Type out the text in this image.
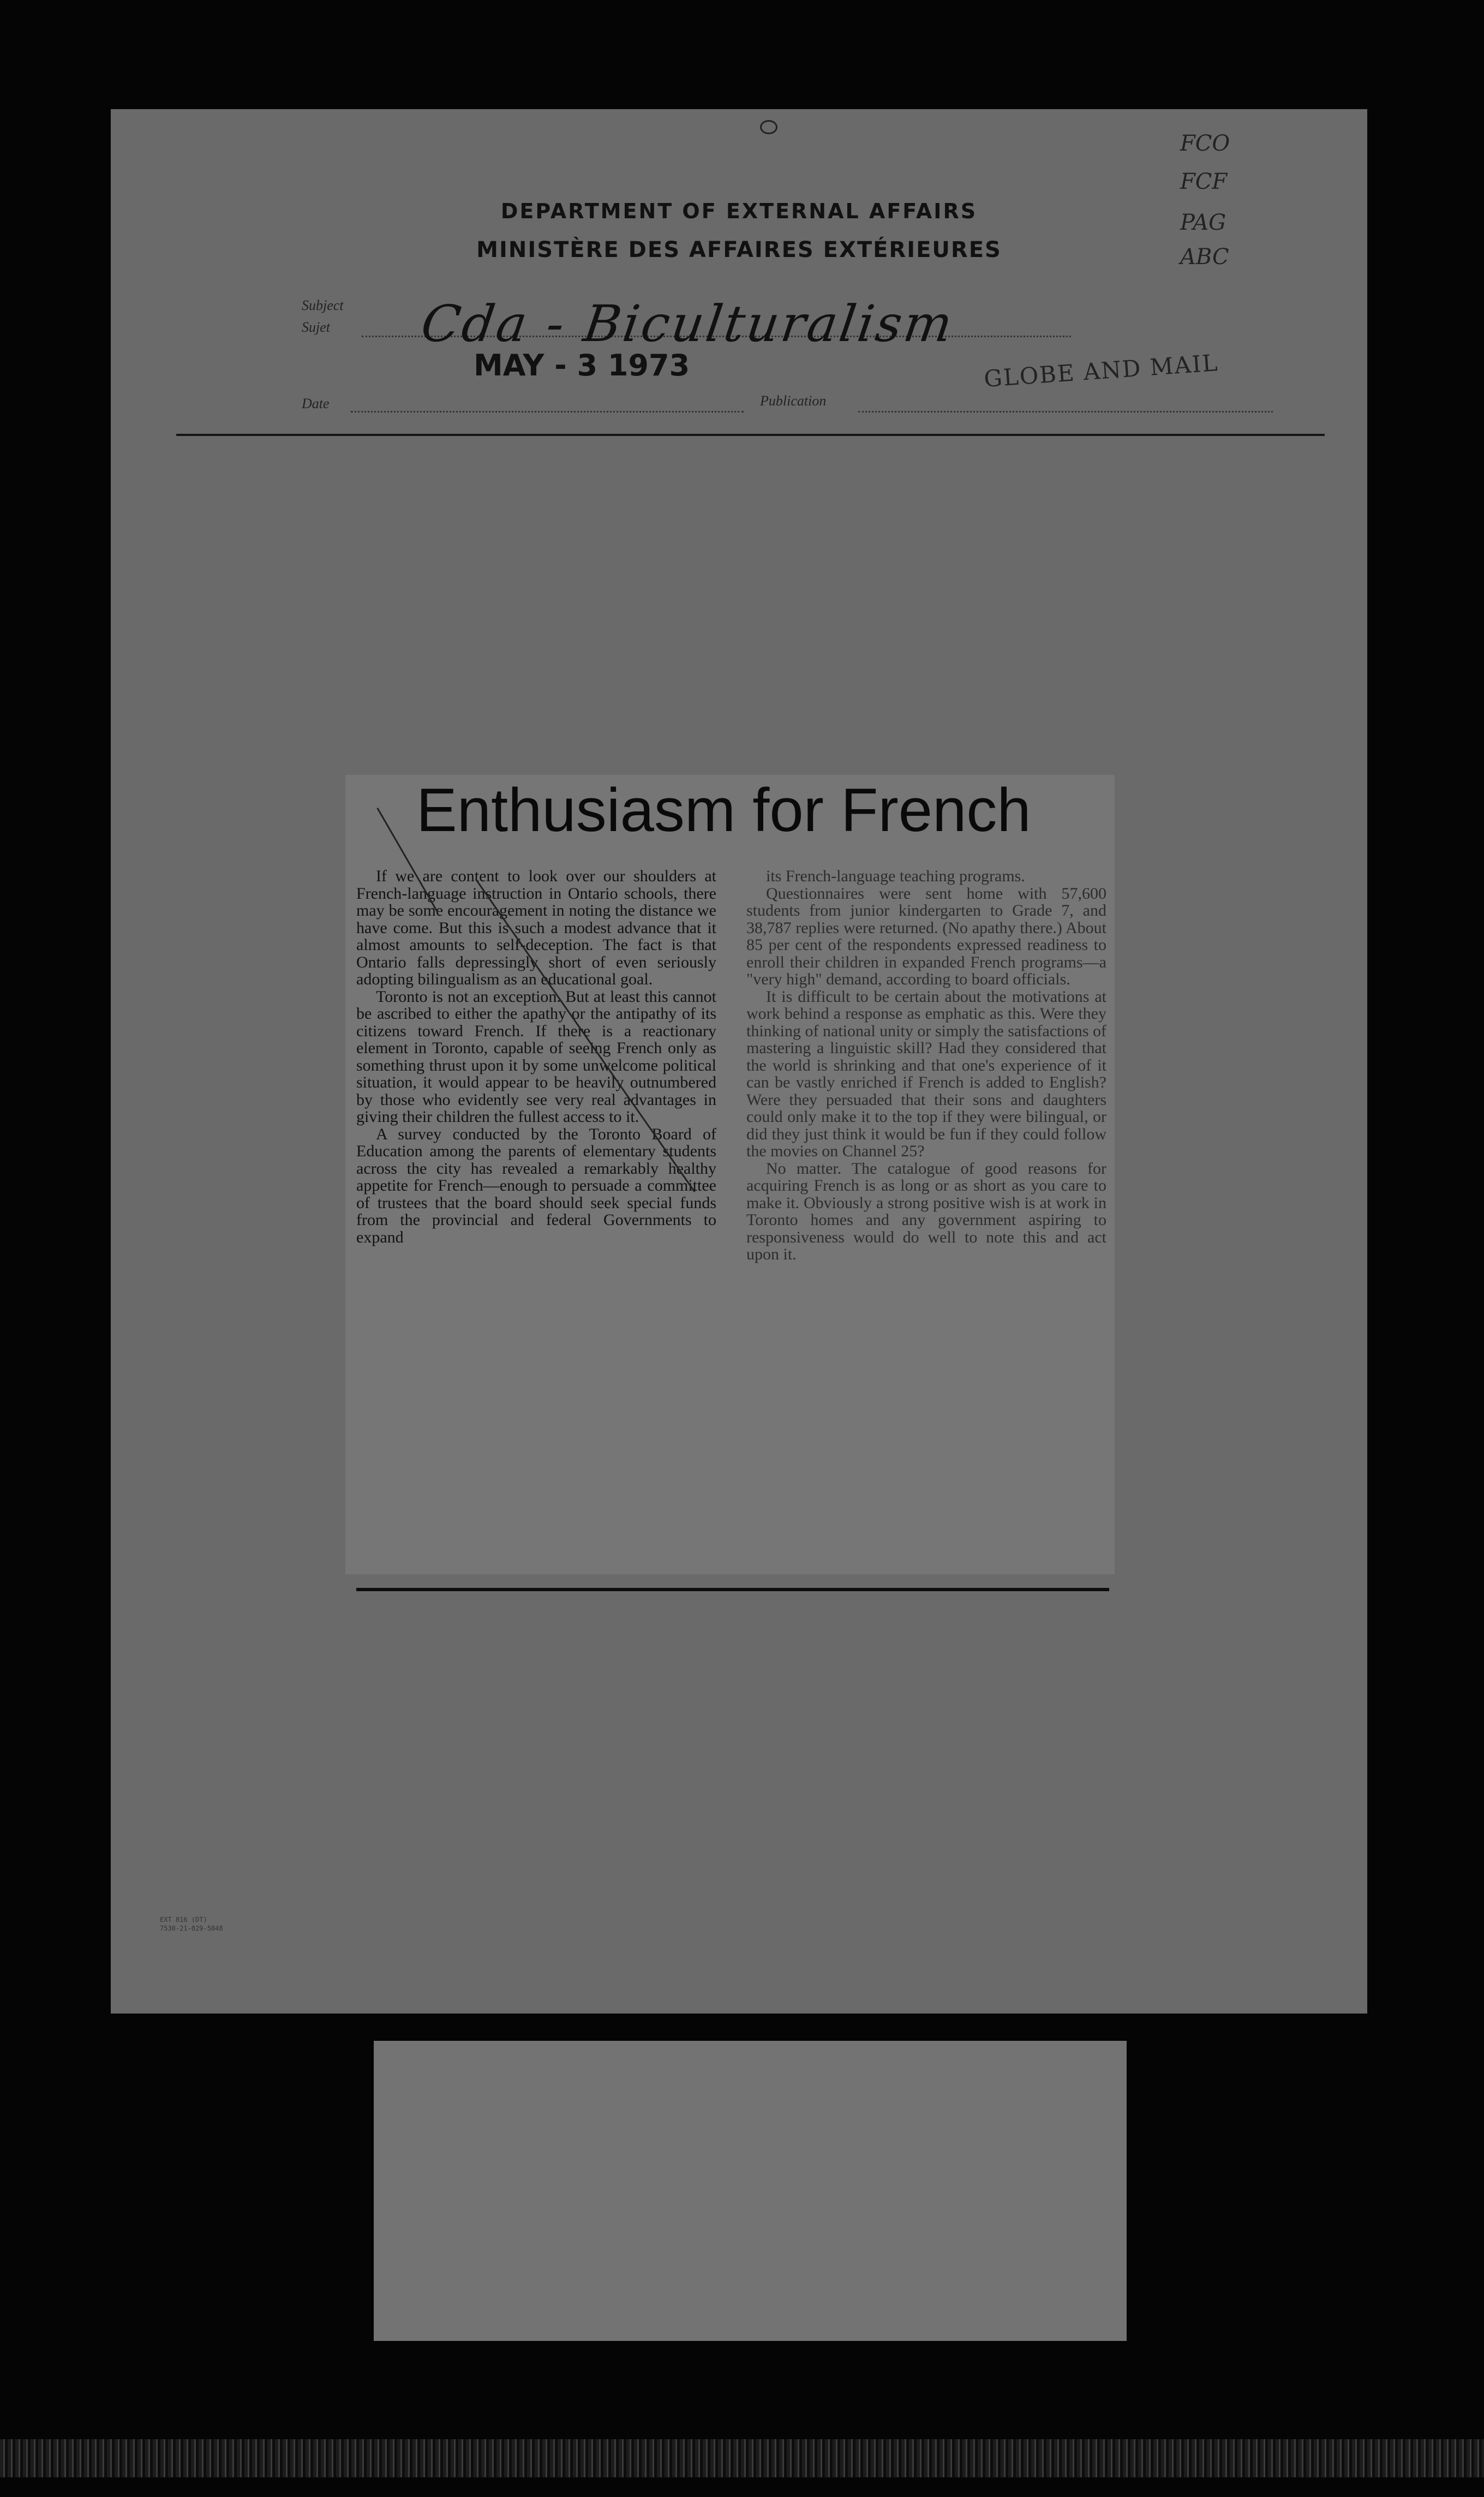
DEPARTMENT OF EXTERNAL AFFAIRS
MINISTÈRE DES AFFAIRES EXTÉRIEURES
FCO
FCF
PAG
ABC
Subject
Sujet Cda - Biculturalism
MAY - 3 1973
Date	Publication
GLOBE AND MAIL
Enthusiasm for French

If we are content to look over our shoulders at French-language instruction in Ontario schools, there may be some encouragement in noting the distance we have come. But this is such a modest advance that it almost amounts to self-deception. The fact is that Ontario falls depressingly short of even seriously adopting bilingualism as an educational goal.

Toronto is not an exception. But at least this cannot be ascribed to either the apathy or the antipathy of its citizens toward French. If there is a reactionary element in Toronto, capable of seeing French only as something thrust upon it by some unwelcome political situation, it would appear to be heavily outnumbered by those who evidently see very real advantages in giving their children the fullest access to it.

A survey conducted by the Toronto Board of Education among the parents of elementary students across the city has revealed a remarkably healthy appetite for French—enough to persuade a committee of trustees that the board should seek special funds from the provincial and federal Governments to expand

its French-language teaching programs.

Questionnaires were sent home with 57,600 students from junior kindergarten to Grade 7, and 38,787 replies were returned. (No apathy there.) About 85 per cent of the respondents expressed readiness to enroll their children in expanded French programs—a "very high" demand, according to board officials.

It is difficult to be certain about the motivations at work behind a response as emphatic as this. Were they thinking of national unity or simply the satisfactions of mastering a linguistic skill? Had they considered that the world is shrinking and that one's experience of it can be vastly enriched if French is added to English? Were they persuaded that their sons and daughters could only make it to the top if they were bilingual, or did they just think it would be fun if they could follow the movies on Channel 25?

No matter. The catalogue of good reasons for acquiring French is as long or as short as you care to make it. Obviously a strong positive wish is at work in Toronto homes and any government aspiring to responsiveness would do well to note this and act upon it.

EXT 816 (DT)
7530-21-029-5048
